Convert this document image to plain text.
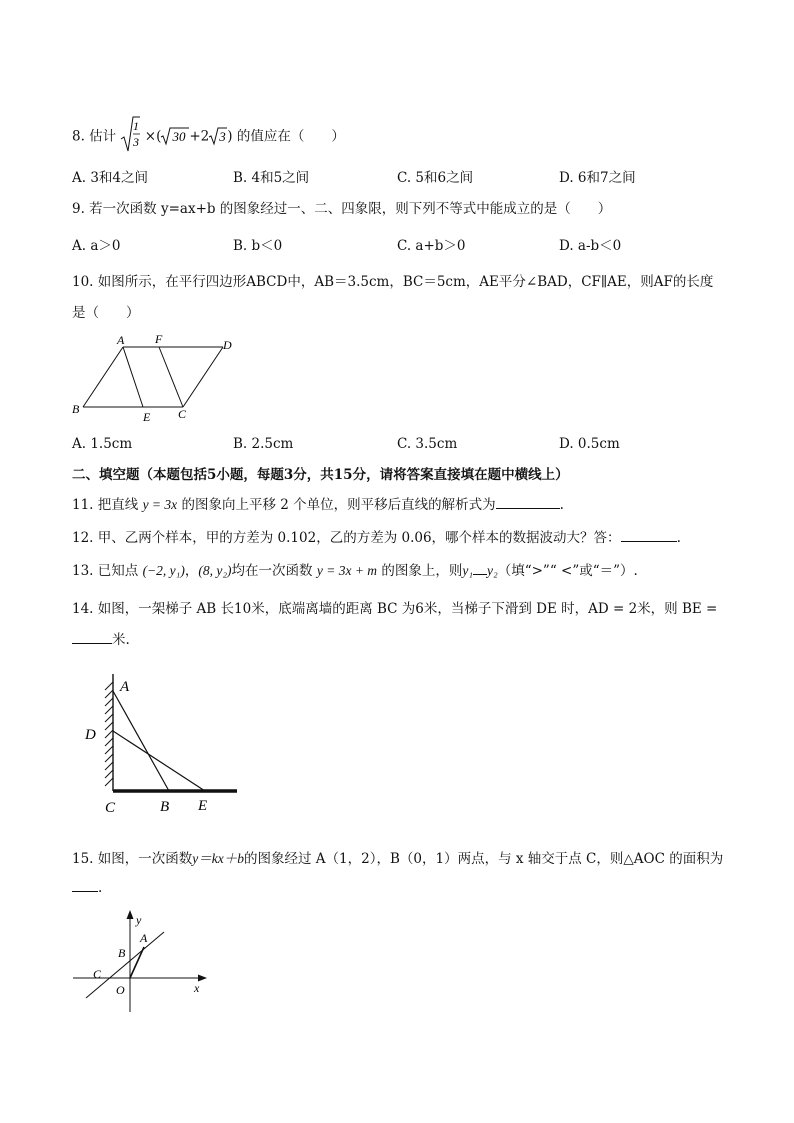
8. 估计
1
3 ×( 30 +2 3 ) 的值应在（　　）
A. 3和4之间	B. 4和5之间	C. 5和6之间	D. 6和7之间
9. 若一次函数 y=ax+b 的图象经过一、二、四象限，则下列不等式中能成立的是（　　）
A. a＞0	B. b＜0	C. a+b＞0	D. a-b＜0
10. 如图所示，在平行四边形ABCD中，AB＝3.5cm，BC＝5cm，AE平分∠BAD，CF∥AE，则AF的长度
是（　　）
A	F	D
B
E C
A. 1.5cm	B. 2.5cm	C. 3.5cm	D. 0.5cm
二、填空题（本题包括5小题，每题3分，共15分，请将答案直接填在题中横线上）
11. 把直线 y = 3x 的图象向上平移 2 个单位，则平移后直线的解析式为	.
12. 甲、乙两个样本，甲的方差为 0.102，乙的方差为 0.06，哪个样本的数据波动大？答：	.
13. 已知点 (−2, y₁)，(8, y₂)均在一次函数 y = 3x + m 的图象上，则y₁ y₂（填“>”“ <”或“＝”）.
14. 如图，一架梯子 AB 长10米，底端离墙的距离 BC 为6米，当梯子下滑到 DE 时，AD = 2米，则 BE =
米.
A
D
C	B E
15. 如图，一次函数y＝kx＋b的图象经过 A（1，2），B（0，1）两点，与 x 轴交于点 C，则△AOC 的面积为
.
y
A
B
C
O	x
